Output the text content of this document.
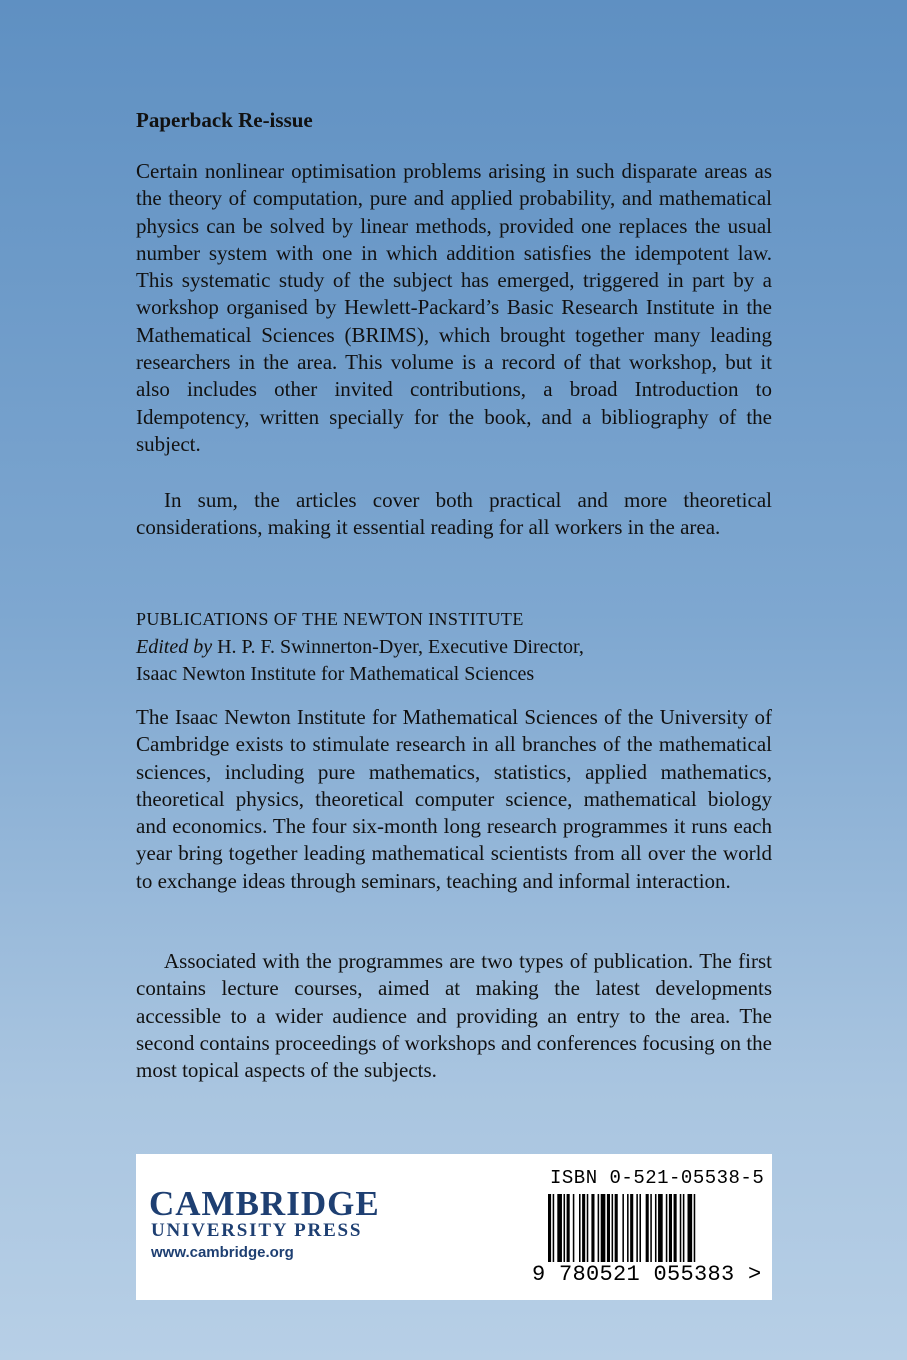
Paperback Re-issue

Certain nonlinear optimisation problems arising in such disparate areas as the theory of computation, pure and applied probability, and mathematical physics can be solved by linear methods, provided one replaces the usual number system with one in which addition satisfies the idempotent law. This systematic study of the subject has emerged, triggered in part by a workshop organised by Hewlett-Packard’s Basic Research Institute in the Mathematical Sciences (BRIMS), which brought together many leading researchers in the area. This volume is a record of that workshop, but it also includes other invited contributions, a broad Introduction to Idempotency, written specially for the book, and a bibliography of the subject.

In sum, the articles cover both practical and more theoretical considerations, making it essential reading for all workers in the area.

PUBLICATIONS OF THE NEWTON INSTITUTE
Edited by H. P. F. Swinnerton-Dyer, Executive Director,
Isaac Newton Institute for Mathematical Sciences

The Isaac Newton Institute for Mathematical Sciences of the University of Cambridge exists to stimulate research in all branches of the mathematical sciences, including pure mathematics, statistics, applied mathematics, theoretical physics, theoretical computer science, mathematical biology and economics. The four six-month long research programmes it runs each year bring together leading mathematical scientists from all over the world to exchange ideas through seminars, teaching and informal interaction.

Associated with the programmes are two types of publication. The first contains lecture courses, aimed at making the latest developments accessible to a wider audience and providing an entry to the area. The second contains proceedings of workshops and conferences focusing on the most topical aspects of the subjects.

CAMBRIDGE
UNIVERSITY PRESS
www.cambridge.org
ISBN 0-521-05538-5
9 780521 055383 >
